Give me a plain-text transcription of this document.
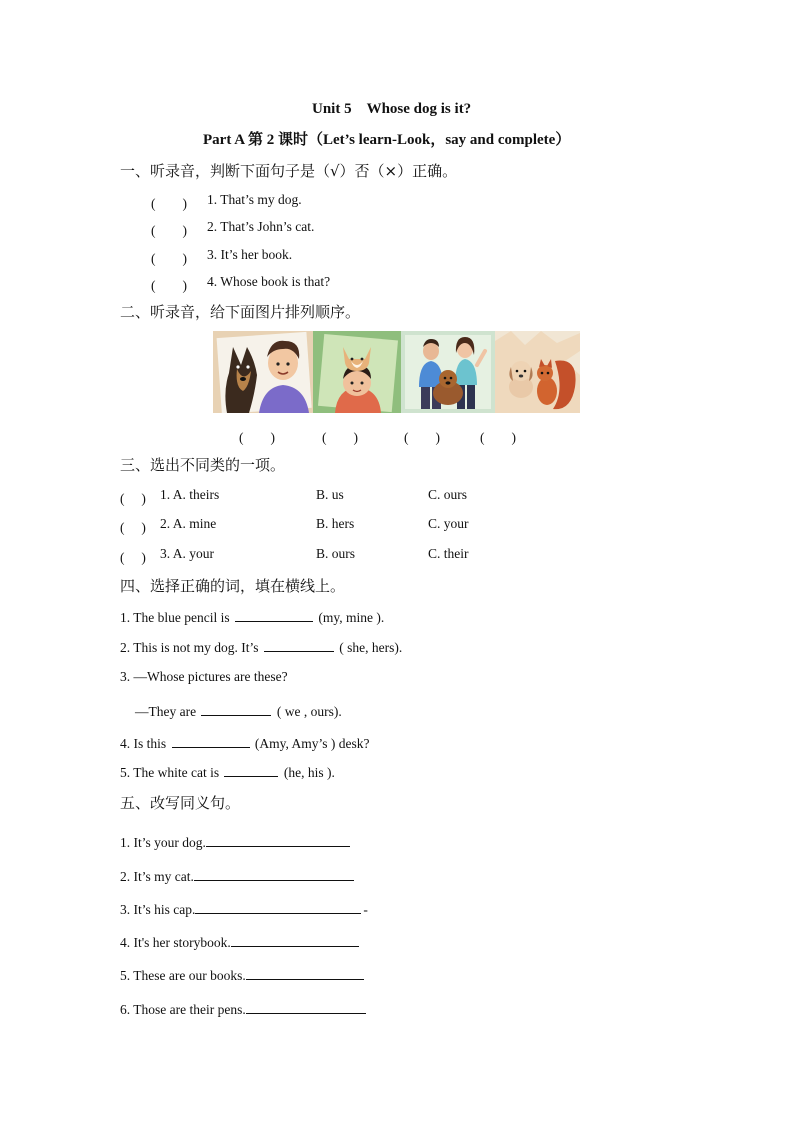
Unit 5　Whose dog is it?
Part A 第 2 课时（Let’s learn-Look，say and complete）
一、听录音，判断下面句子是（√）否（×）正确。
(　　) 1. That’s my dog.
(　　) 2. That’s John’s cat.
(　　) 3. It’s her book.
(　　) 4. Whose book is that?
二、听录音，给下面图片排列顺序。
(　　)	(　　)	(　　)	(　　)
三、选出不同类的一项。
(　 ) 1. A. theirs	B. us	C. ours
(　 ) 2. A. mine	B. hers	C. your
(　 ) 3. A. your	B. ours	C. their
四、选择正确的词，填在横线上。
1. The blue pencil is	(my, mine ).
2. This is not my dog. It’s	( she, hers).
3. —Whose pictures are these?
—They are	( we , ours).
4. Is this	(Amy, Amy’s ) desk?
5. The white cat is	(he, his ).
五、改写同义句。
1. It’s your dog.
2. It’s my cat.
3. It’s his cap.	-
4. It's her storybook.
5. These are our books.
6. Those are their pens.
